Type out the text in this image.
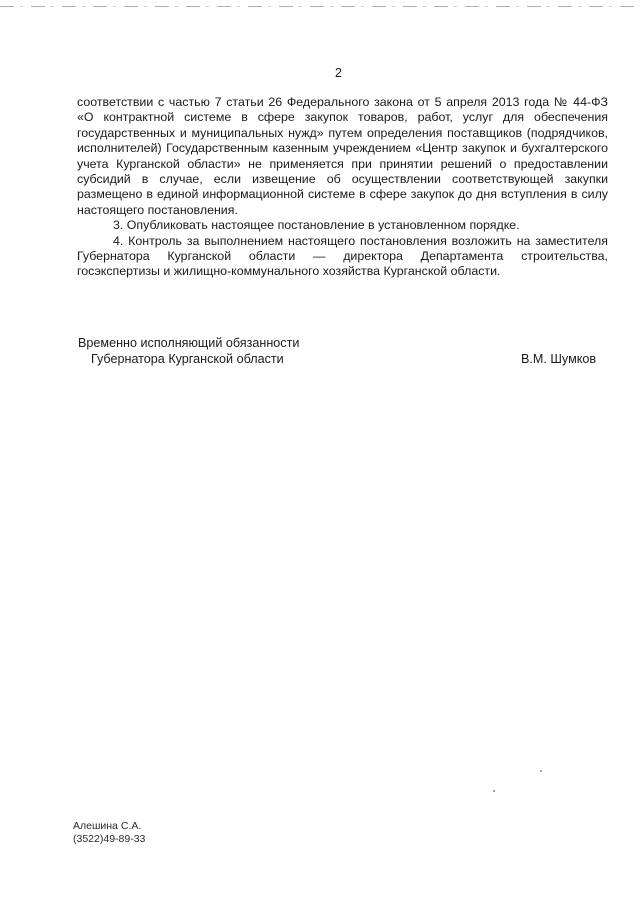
2

соответствии с частью 7 статьи 26 Федерального закона от 5 апреля 2013 года № 44-ФЗ «О контрактной системе в сфере закупок товаров, работ, услуг для обеспечения государственных и муниципальных нужд» путем определения поставщиков (подрядчиков, исполнителей) Государственным казенным учреждением «Центр закупок и бухгалтерского учета Курганской области» не применяется при принятии решений о предоставлении субсидий в случае, если извещение об осуществлении соответствующей закупки размещено в единой информационной системе в сфере закупок до дня вступления в силу настоящего постановления.

3. Опубликовать настоящее постановление в установленном порядке.

4. Контроль за выполнением настоящего постановления возложить на заместителя Губернатора Курганской области — директора Департамента строительства, госэкспертизы и жилищно-коммунального хозяйства Курганской области.

Временно исполняющий обязанности
Губернатора Курганской области	В.М. Шумков
Алешина С.А.
(3522)49-89-33
